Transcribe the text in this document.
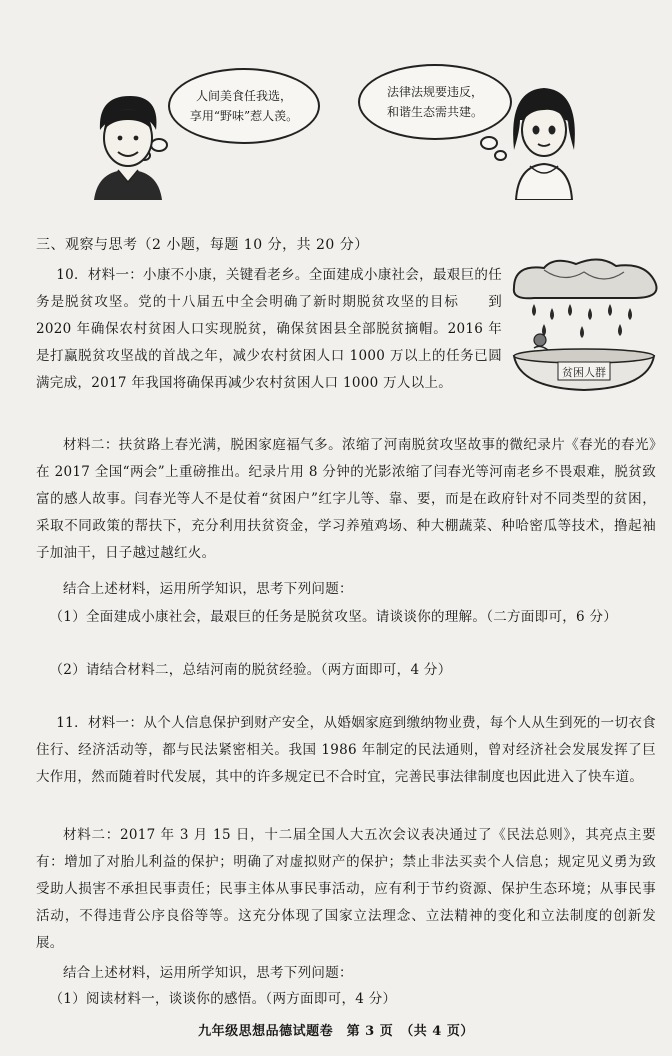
人间美食任我选，
享用“野味”惹人羡。
法律法规要违反，
和谐生态需共建。
三、观察与思考（2 小题，每题 10 分，共 20 分）

10．材料一：小康不小康，关键看老乡。全面建成小康社会，最艰巨的任务是脱贫攻坚。党的十八届五中全会明确了新时期脱贫攻坚的目标　　到 2020 年确保农村贫困人口实现脱贫，确保贫困县全部脱贫摘帽。2016 年是打赢脱贫攻坚战的首战之年，减少农村贫困人口 1000 万以上的任务已圆满完成，2017 年我国将确保再减少农村贫困人口 1000 万人以上。

贫困人群

材料二：扶贫路上春光满，脱困家庭福气多。浓缩了河南脱贫攻坚故事的微纪录片《春光的春光》在 2017 全国“两会”上重磅推出。纪录片用 8 分钟的光影浓缩了闫春光等河南老乡不畏艰难，脱贫致富的感人故事。闫春光等人不是仗着“贫困户”红字儿等、靠、要，而是在政府针对不同类型的贫困，采取不同政策的帮扶下，充分利用扶贫资金，学习养殖鸡场、种大棚蔬菜、种哈密瓜等技术，撸起袖子加油干，日子越过越红火。

结合上述材料，运用所学知识，思考下列问题：

（1）全面建成小康社会，最艰巨的任务是脱贫攻坚。请谈谈你的理解。（二方面即可，6 分）

（2）请结合材料二，总结河南的脱贫经验。（两方面即可，4 分）

11．材料一：从个人信息保护到财产安全，从婚姻家庭到缴纳物业费，每个人从生到死的一切衣食住行、经济活动等，都与民法紧密相关。我国 1986 年制定的民法通则，曾对经济社会发展发挥了巨大作用，然而随着时代发展，其中的许多规定已不合时宜，完善民事法律制度也因此进入了快车道。

材料二：2017 年 3 月 15 日，十二届全国人大五次会议表决通过了《民法总则》，其亮点主要有：增加了对胎儿利益的保护；明确了对虚拟财产的保护；禁止非法买卖个人信息；规定见义勇为致受助人损害不承担民事责任；民事主体从事民事活动，应有利于节约资源、保护生态环境；从事民事活动，不得违背公序良俗等等。这充分体现了国家立法理念、立法精神的变化和立法制度的创新发展。

结合上述材料，运用所学知识，思考下列问题：

（1）阅读材料一，谈谈你的感悟。（两方面即可，4 分）

九年级思想品德试题卷　第 3 页　（共 4 页）
